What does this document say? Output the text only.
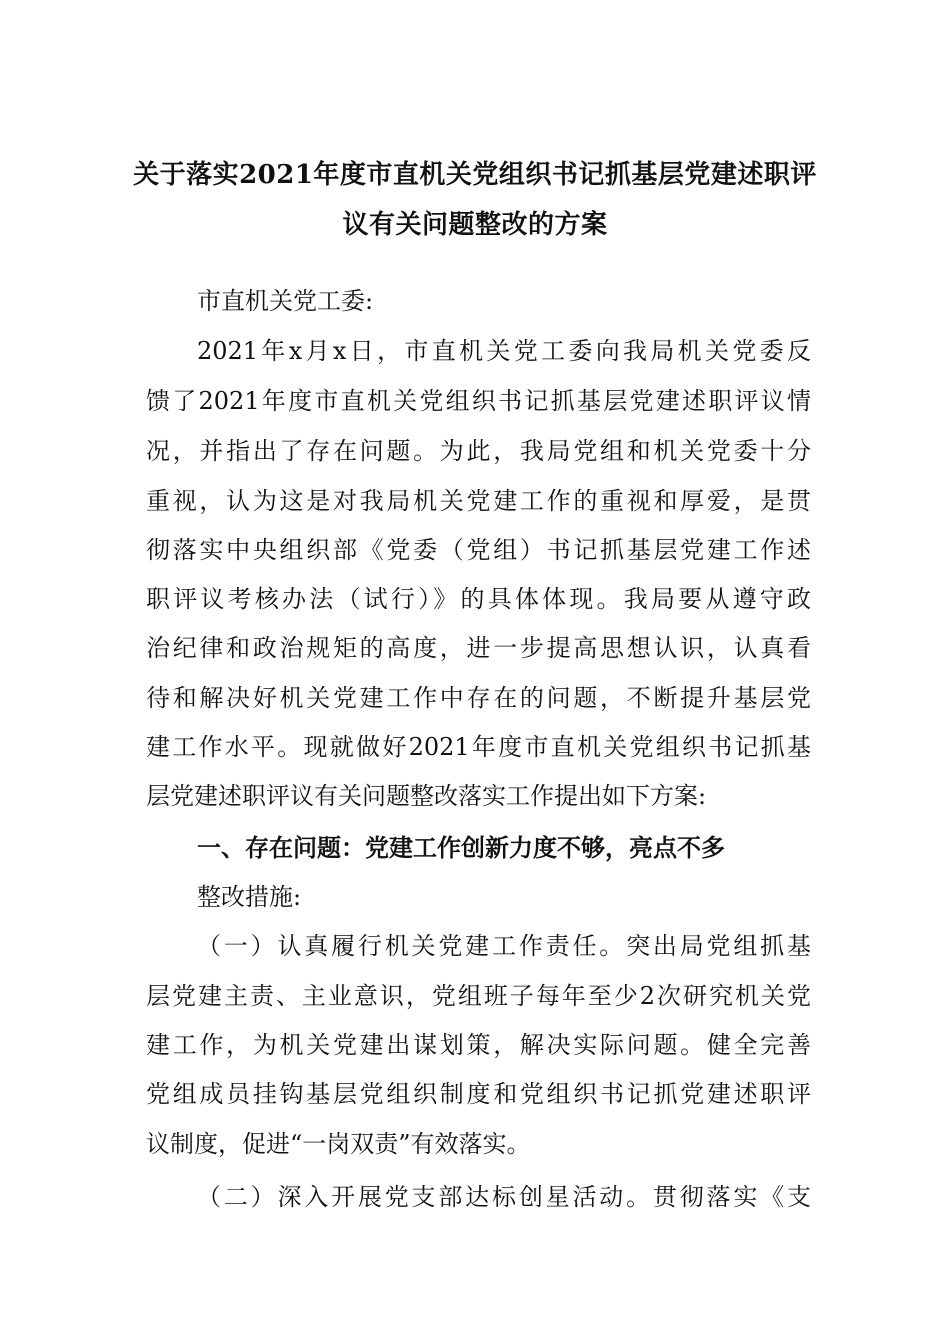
关于落实2021年度市直机关党组织书记抓基层党建述职评
议有关问题整改的方案
市直机关党工委:
2021年x月x日，市直机关党工委向我局机关党委反
馈了2021年度市直机关党组织书记抓基层党建述职评议情
况，并指出了存在问题。为此，我局党组和机关党委十分
重视，认为这是对我局机关党建工作的重视和厚爱，是贯
彻落实中央组织部《党委（党组）书记抓基层党建工作述
职评议考核办法（试行）》的具体体现。我局要从遵守政
治纪律和政治规矩的高度，进一步提高思想认识，认真看
待和解决好机关党建工作中存在的问题，不断提升基层党
建工作水平。现就做好2021年度市直机关党组织书记抓基
层党建述职评议有关问题整改落实工作提出如下方案:
一、存在问题：党建工作创新力度不够，亮点不多
整改措施:
（一）认真履行机关党建工作责任。突出局党组抓基
层党建主责、主业意识，党组班子每年至少2次研究机关党
建工作，为机关党建出谋划策，解决实际问题。健全完善
党组成员挂钩基层党组织制度和党组织书记抓党建述职评
议制度，促进“一岗双责”有效落实。
（二）深入开展党支部达标创星活动。贯彻落实《支
